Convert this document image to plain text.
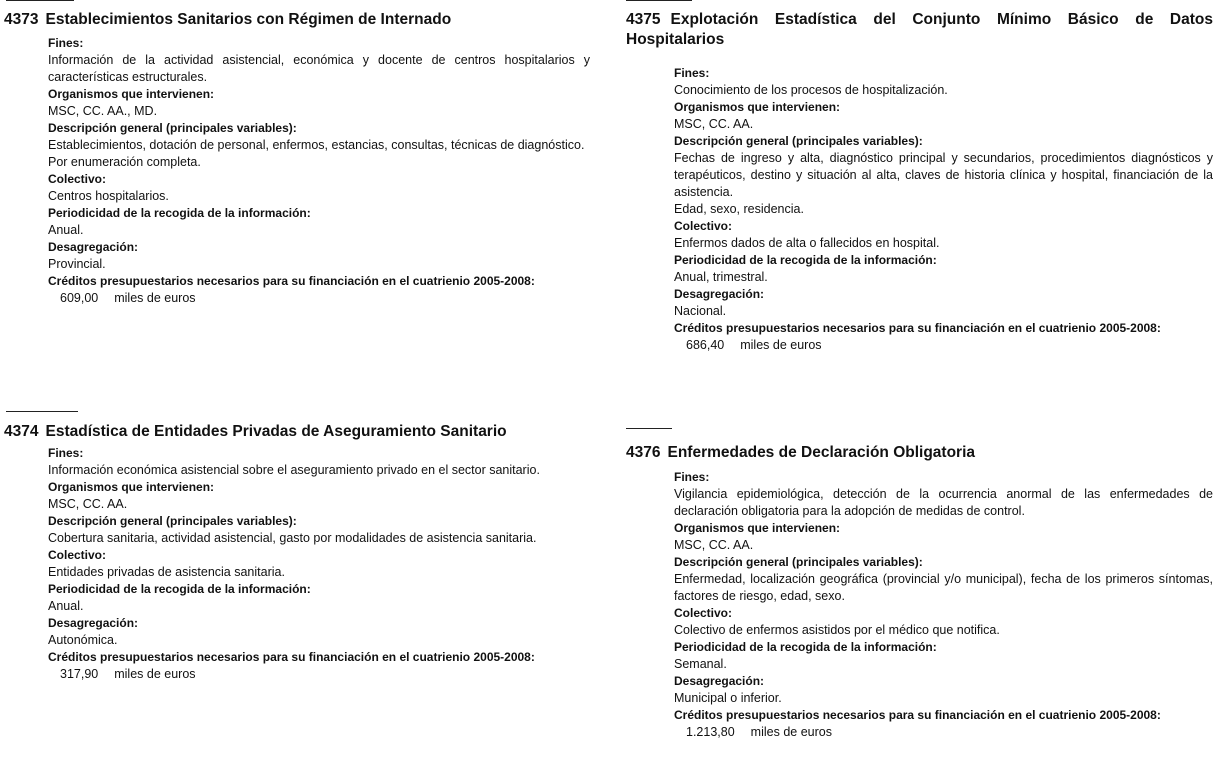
4373 Establecimientos Sanitarios con Régimen de Internado
Fines:
Información de la actividad asistencial, económica y docente de centros hospitalarios y características estructurales.
Organismos que intervienen:
MSC, CC. AA., MD.
Descripción general (principales variables):
Establecimientos, dotación de personal, enfermos, estancias, consultas, técnicas de diagnóstico.
Por enumeración completa.
Colectivo:
Centros hospitalarios.
Periodicidad de la recogida de la información:
Anual.
Desagregación:
Provincial.
Créditos presupuestarios necesarios para su financiación en el cuatrienio 2005-2008:
609,00 miles de euros
4374 Estadística de Entidades Privadas de Aseguramiento Sanitario
Fines:
Información económica asistencial sobre el aseguramiento privado en el sector sanitario.
Organismos que intervienen:
MSC, CC. AA.
Descripción general (principales variables):
Cobertura sanitaria, actividad asistencial, gasto por modalidades de asistencia sanitaria.
Colectivo:
Entidades privadas de asistencia sanitaria.
Periodicidad de la recogida de la información:
Anual.
Desagregación:
Autonómica.
Créditos presupuestarios necesarios para su financiación en el cuatrienio 2005-2008:
317,90 miles de euros
4375 Explotación Estadística del Conjunto Mínimo Básico de Datos Hospitalarios
Fines:
Conocimiento de los procesos de hospitalización.
Organismos que intervienen:
MSC, CC. AA.
Descripción general (principales variables):
Fechas de ingreso y alta, diagnóstico principal y secundarios, procedimientos diagnósticos y terapéuticos, destino y situación al alta, claves de historia clínica y hospital, financiación de la asistencia.
Edad, sexo, residencia.
Colectivo:
Enfermos dados de alta o fallecidos en hospital.
Periodicidad de la recogida de la información:
Anual, trimestral.
Desagregación:
Nacional.
Créditos presupuestarios necesarios para su financiación en el cuatrienio 2005-2008:
686,40 miles de euros
4376 Enfermedades de Declaración Obligatoria
Fines:
Vigilancia epidemiológica, detección de la ocurrencia anormal de las enfermedades de declaración obligatoria para la adopción de medidas de control.
Organismos que intervienen:
MSC, CC. AA.
Descripción general (principales variables):
Enfermedad, localización geográfica (provincial y/o municipal), fecha de los primeros síntomas, factores de riesgo, edad, sexo.
Colectivo:
Colectivo de enfermos asistidos por el médico que notifica.
Periodicidad de la recogida de la información:
Semanal.
Desagregación:
Municipal o inferior.
Créditos presupuestarios necesarios para su financiación en el cuatrienio 2005-2008:
1.213,80 miles de euros
